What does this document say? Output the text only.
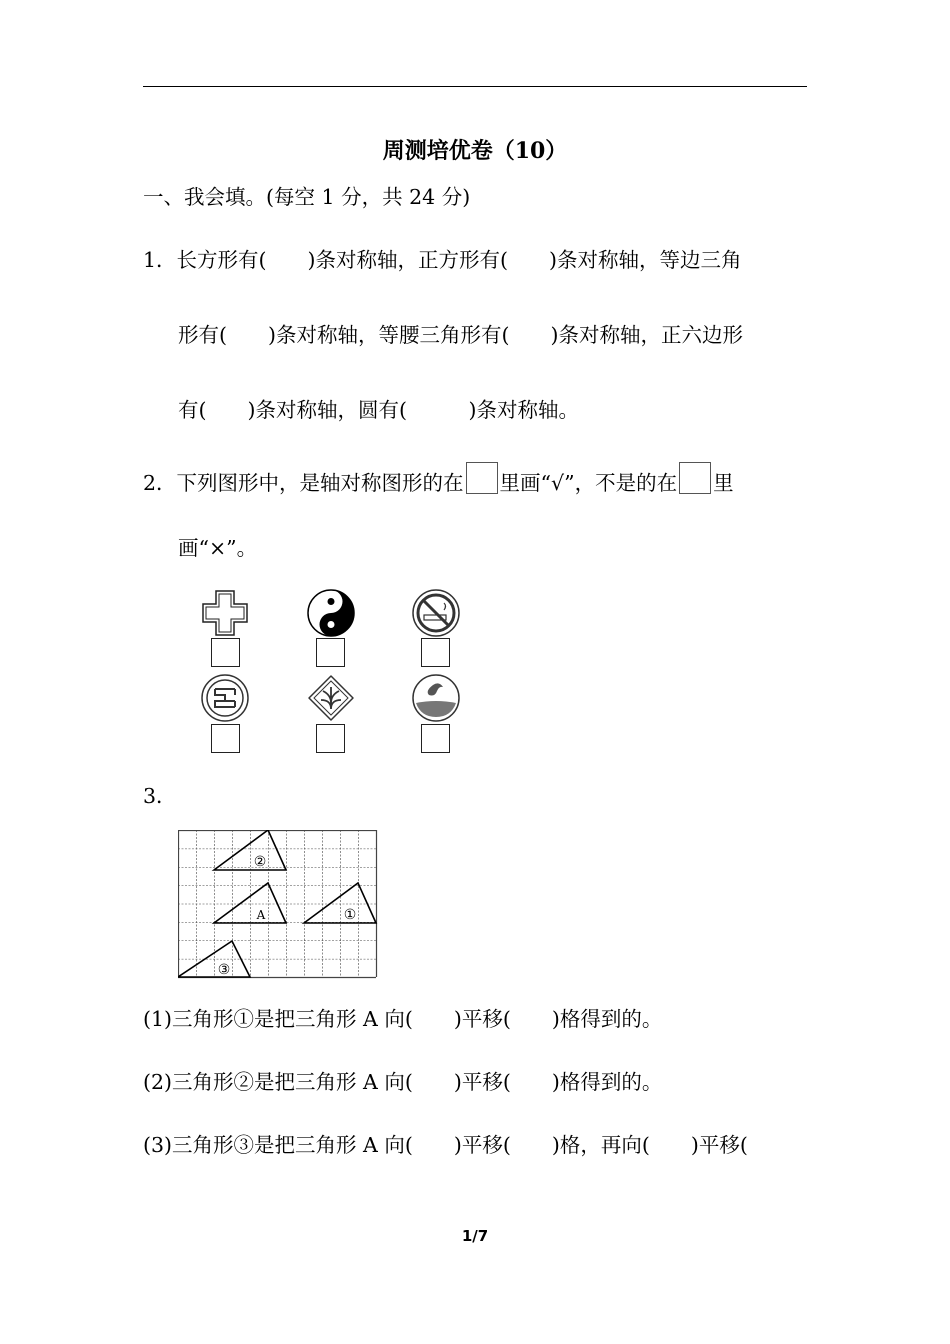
周测培优卷（10）
一、我会填。(每空 1 分，共 24 分)
1．长方形有(　　)条对称轴，正方形有(　　)条对称轴，等边三角
形有(　　)条对称轴，等腰三角形有(　　)条对称轴，正六边形
有(　　)条对称轴，圆有(　　　)条对称轴。
2．下列图形中，是轴对称图形的在 里画“√”，不是的在 里
画“×”。
3．
②
A	①
③
(1)三角形①是把三角形 A 向(　　)平移(　　)格得到的。
(2)三角形②是把三角形 A 向(　　)平移(　　)格得到的。
(3)三角形③是把三角形 A 向(　　)平移(　　)格，再向(　　)平移(
1/7
